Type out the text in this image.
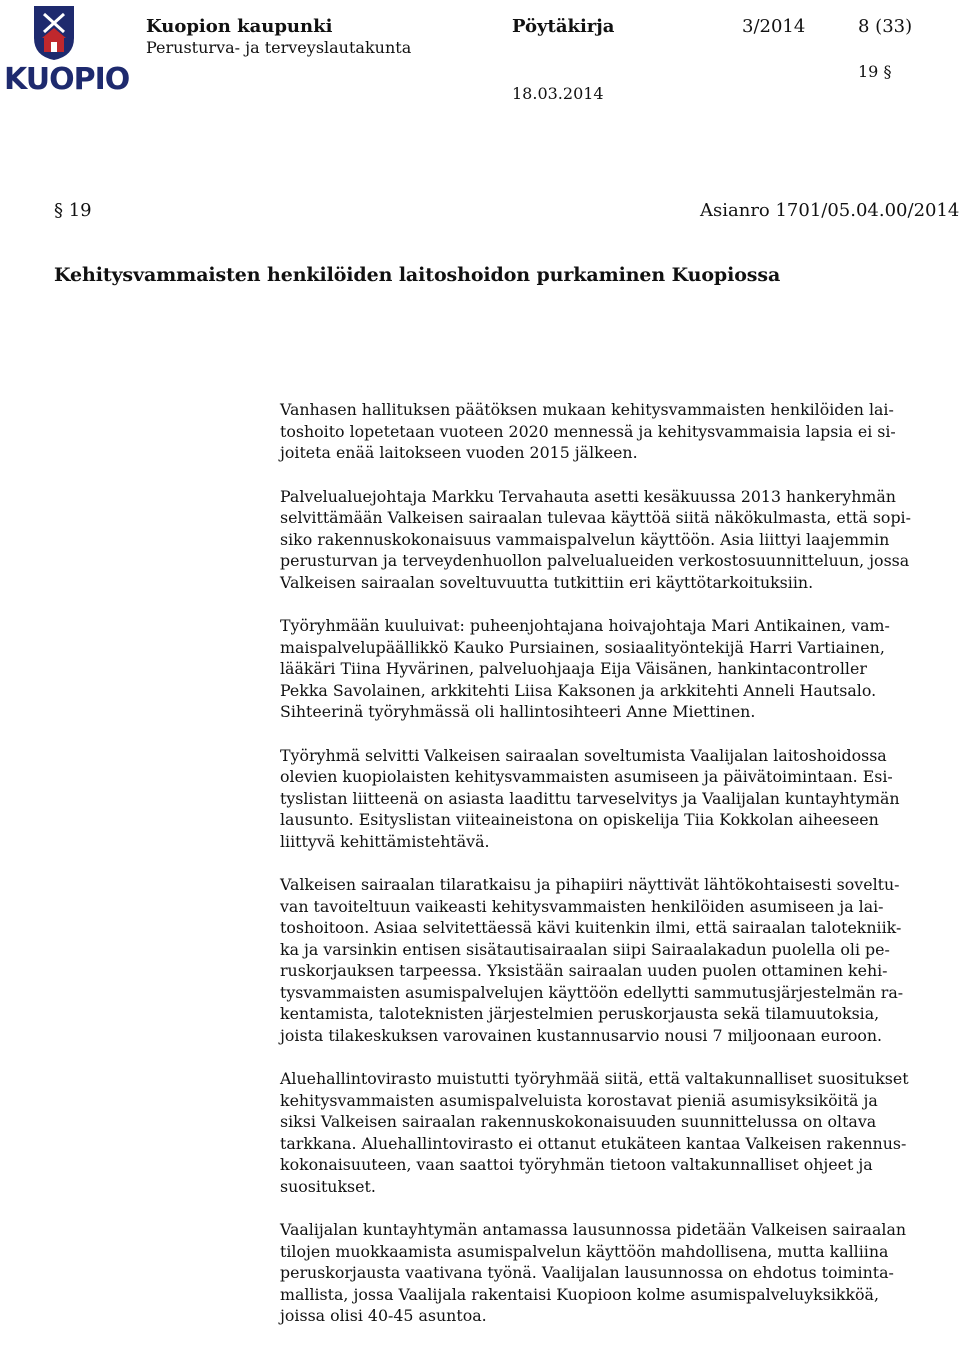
KUOPIO
Kuopion kaupunki
Perusturva- ja terveyslautakunta
Pöytäkirja	3/2014	8 (33)
19 §
18.03.2014
§ 19	Asianro 1701/05.04.00/2014
Kehitysvammaisten henkilöiden laitoshoidon purkaminen Kuopiossa

Vanhasen hallituksen päätöksen mukaan kehitysvammaisten henkilöiden lai-
toshoito lopetetaan vuoteen 2020 mennessä ja kehitysvammaisia lapsia ei si-
joiteta enää laitokseen vuoden 2015 jälkeen.

Palvelualuejohtaja Markku Tervahauta asetti kesäkuussa 2013 hankeryhmän
selvittämään Valkeisen sairaalan tulevaa käyttöä siitä näkökulmasta, että sopi-
siko rakennuskokonaisuus vammaispalvelun käyttöön. Asia liittyi laajemmin
perusturvan ja terveydenhuollon palvelualueiden verkostosuunnitteluun, jossa
Valkeisen sairaalan soveltuvuutta tutkittiin eri käyttötarkoituksiin.

Työryhmään kuuluivat: puheenjohtajana hoivajohtaja Mari Antikainen, vam-
maispalvelupäällikkö Kauko Pursiainen, sosiaalityöntekijä Harri Vartiainen,
lääkäri Tiina Hyvärinen, palveluohjaaja Eija Väisänen, hankintacontroller
Pekka Savolainen, arkkitehti Liisa Kaksonen ja arkkitehti Anneli Hautsalo.
Sihteerinä työryhmässä oli hallintosihteeri Anne Miettinen.

Työryhmä selvitti Valkeisen sairaalan soveltumista Vaalijalan laitoshoidossa
olevien kuopiolaisten kehitysvammaisten asumiseen ja päivätoimintaan. Esi-
tyslistan liitteenä on asiasta laadittu tarveselvitys ja Vaalijalan kuntayhtymän
lausunto. Esityslistan viiteaineistona on opiskelija Tiia Kokkolan aiheeseen
liittyvä kehittämistehtävä.

Valkeisen sairaalan tilaratkaisu ja pihapiiri näyttivät lähtökohtaisesti soveltu-
van tavoiteltuun vaikeasti kehitysvammaisten henkilöiden asumiseen ja lai-
toshoitoon. Asiaa selvitettäessä kävi kuitenkin ilmi, että sairaalan talotekniik-
ka ja varsinkin entisen sisätautisairaalan siipi Sairaalakadun puolella oli pe-
ruskorjauksen tarpeessa. Yksistään sairaalan uuden puolen ottaminen kehi-
tysvammaisten asumispalvelujen käyttöön edellytti sammutusjärjestelmän ra-
kentamista, taloteknisten järjestelmien peruskorjausta sekä tilamuutoksia,
joista tilakeskuksen varovainen kustannusarvio nousi 7 miljoonaan euroon.

Aluehallintovirasto muistutti työryhmää siitä, että valtakunnalliset suositukset
kehitysvammaisten asumispalveluista korostavat pieniä asumisyksiköitä ja
siksi Valkeisen sairaalan rakennuskokonaisuuden suunnittelussa on oltava
tarkkana. Aluehallintovirasto ei ottanut etukäteen kantaa Valkeisen rakennus-
kokonaisuuteen, vaan saattoi työryhmän tietoon valtakunnalliset ohjeet ja
suositukset.

Vaalijalan kuntayhtymän antamassa lausunnossa pidetään Valkeisen sairaalan
tilojen muokkaamista asumispalvelun käyttöön mahdollisena, mutta kalliina
peruskorjausta vaativana työnä. Vaalijalan lausunnossa on ehdotus toiminta-
mallista, jossa Vaalijala rakentaisi Kuopioon kolme asumispalveluyksikköä,
joissa olisi 40-45 asuntoa.
